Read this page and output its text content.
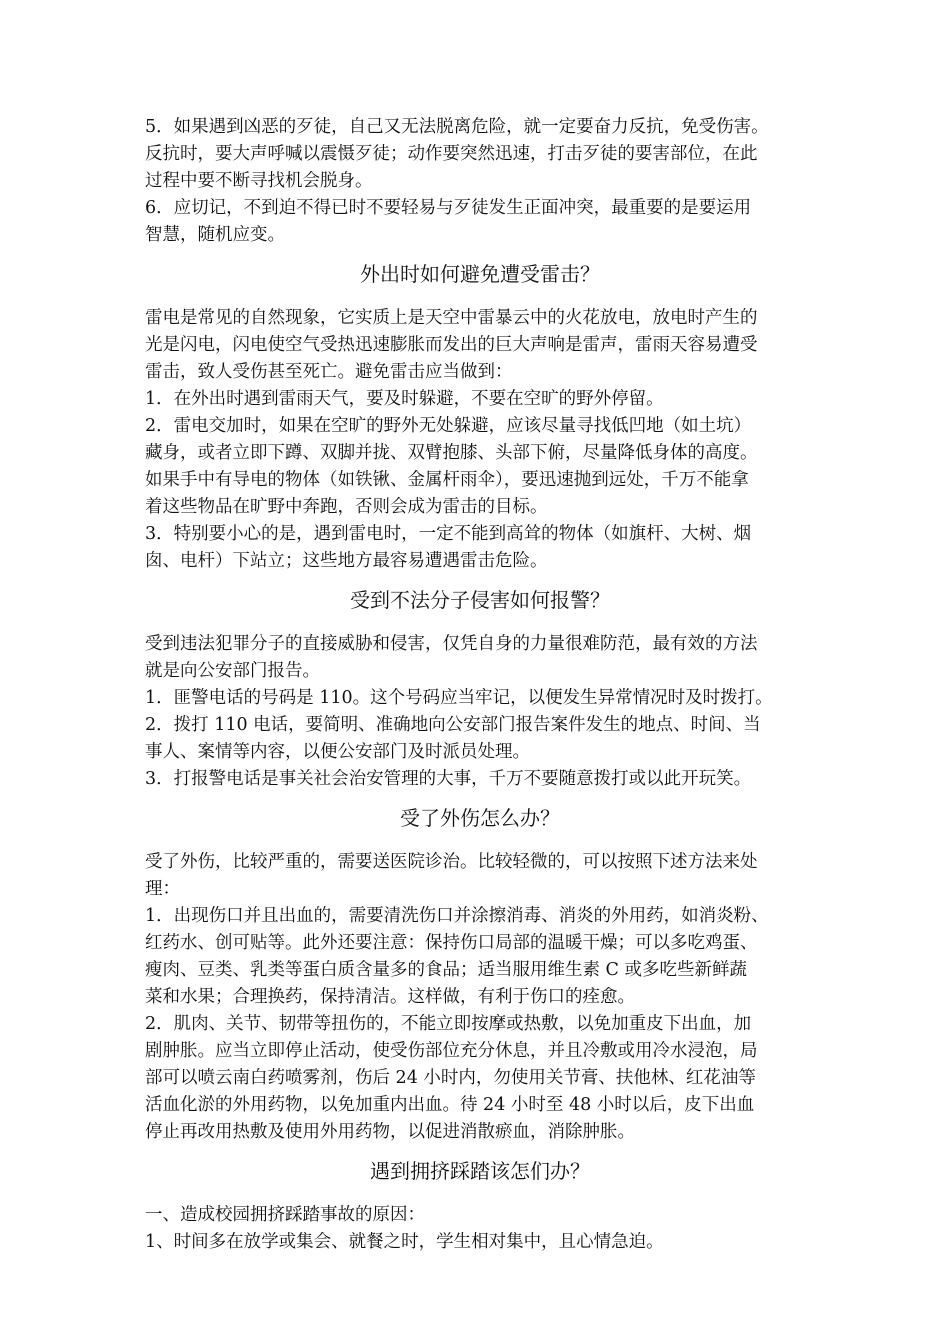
5．如果遇到凶恶的歹徒，自己又无法脱离危险，就一定要奋力反抗，免受伤害。
反抗时，要大声呼喊以震慑歹徒；动作要突然迅速，打击歹徒的要害部位，在此
过程中要不断寻找机会脱身。
6．应切记，不到迫不得已时不要轻易与歹徒发生正面冲突，最重要的是要运用
智慧，随机应变。
外出时如何避免遭受雷击？
雷电是常见的自然现象，它实质上是天空中雷暴云中的火花放电，放电时产生的
光是闪电，闪电使空气受热迅速膨胀而发出的巨大声响是雷声，雷雨天容易遭受
雷击，致人受伤甚至死亡。避免雷击应当做到：
1．在外出时遇到雷雨天气，要及时躲避，不要在空旷的野外停留。
2．雷电交加时，如果在空旷的野外无处躲避，应该尽量寻找低凹地（如土坑）
藏身，或者立即下蹲、双脚并拢、双臂抱膝、头部下俯，尽量降低身体的高度。
如果手中有导电的物体（如铁锹、金属杆雨伞），要迅速抛到远处，千万不能拿
着这些物品在旷野中奔跑，否则会成为雷击的目标。
3．特别要小心的是，遇到雷电时，一定不能到高耸的物体（如旗杆、大树、烟
囱、电杆）下站立；这些地方最容易遭遇雷击危险。
受到不法分子侵害如何报警？
受到违法犯罪分子的直接威胁和侵害，仅凭自身的力量很难防范，最有效的方法
就是向公安部门报告。
1．匪警电话的号码是 110。这个号码应当牢记，以便发生异常情况时及时拨打。
2．拨打 110 电话，要简明、准确地向公安部门报告案件发生的地点、时间、当
事人、案情等内容，以便公安部门及时派员处理。
3．打报警电话是事关社会治安管理的大事，千万不要随意拨打或以此开玩笑。
受了外伤怎么办？
受了外伤，比较严重的，需要送医院诊治。比较轻微的，可以按照下述方法来处
理：
1．出现伤口并且出血的，需要清洗伤口并涂擦消毒、消炎的外用药，如消炎粉、
红药水、创可贴等。此外还要注意：保持伤口局部的温暖干燥；可以多吃鸡蛋、
瘦肉、豆类、乳类等蛋白质含量多的食品；适当服用维生素 C 或多吃些新鲜蔬
菜和水果；合理换药，保持清洁。这样做，有利于伤口的痊愈。
2．肌肉、关节、韧带等扭伤的，不能立即按摩或热敷，以免加重皮下出血，加
剧肿胀。应当立即停止活动，使受伤部位充分休息，并且冷敷或用冷水浸泡，局
部可以喷云南白药喷雾剂，伤后 24 小时内，勿使用关节膏、扶他林、红花油等
活血化淤的外用药物，以免加重内出血。待 24 小时至 48 小时以后，皮下出血
停止再改用热敷及使用外用药物，以促进消散瘀血，消除肿胀。
遇到拥挤踩踏该怎们办？
一、造成校园拥挤踩踏事故的原因：
1、时间多在放学或集会、就餐之时，学生相对集中，且心情急迫。
